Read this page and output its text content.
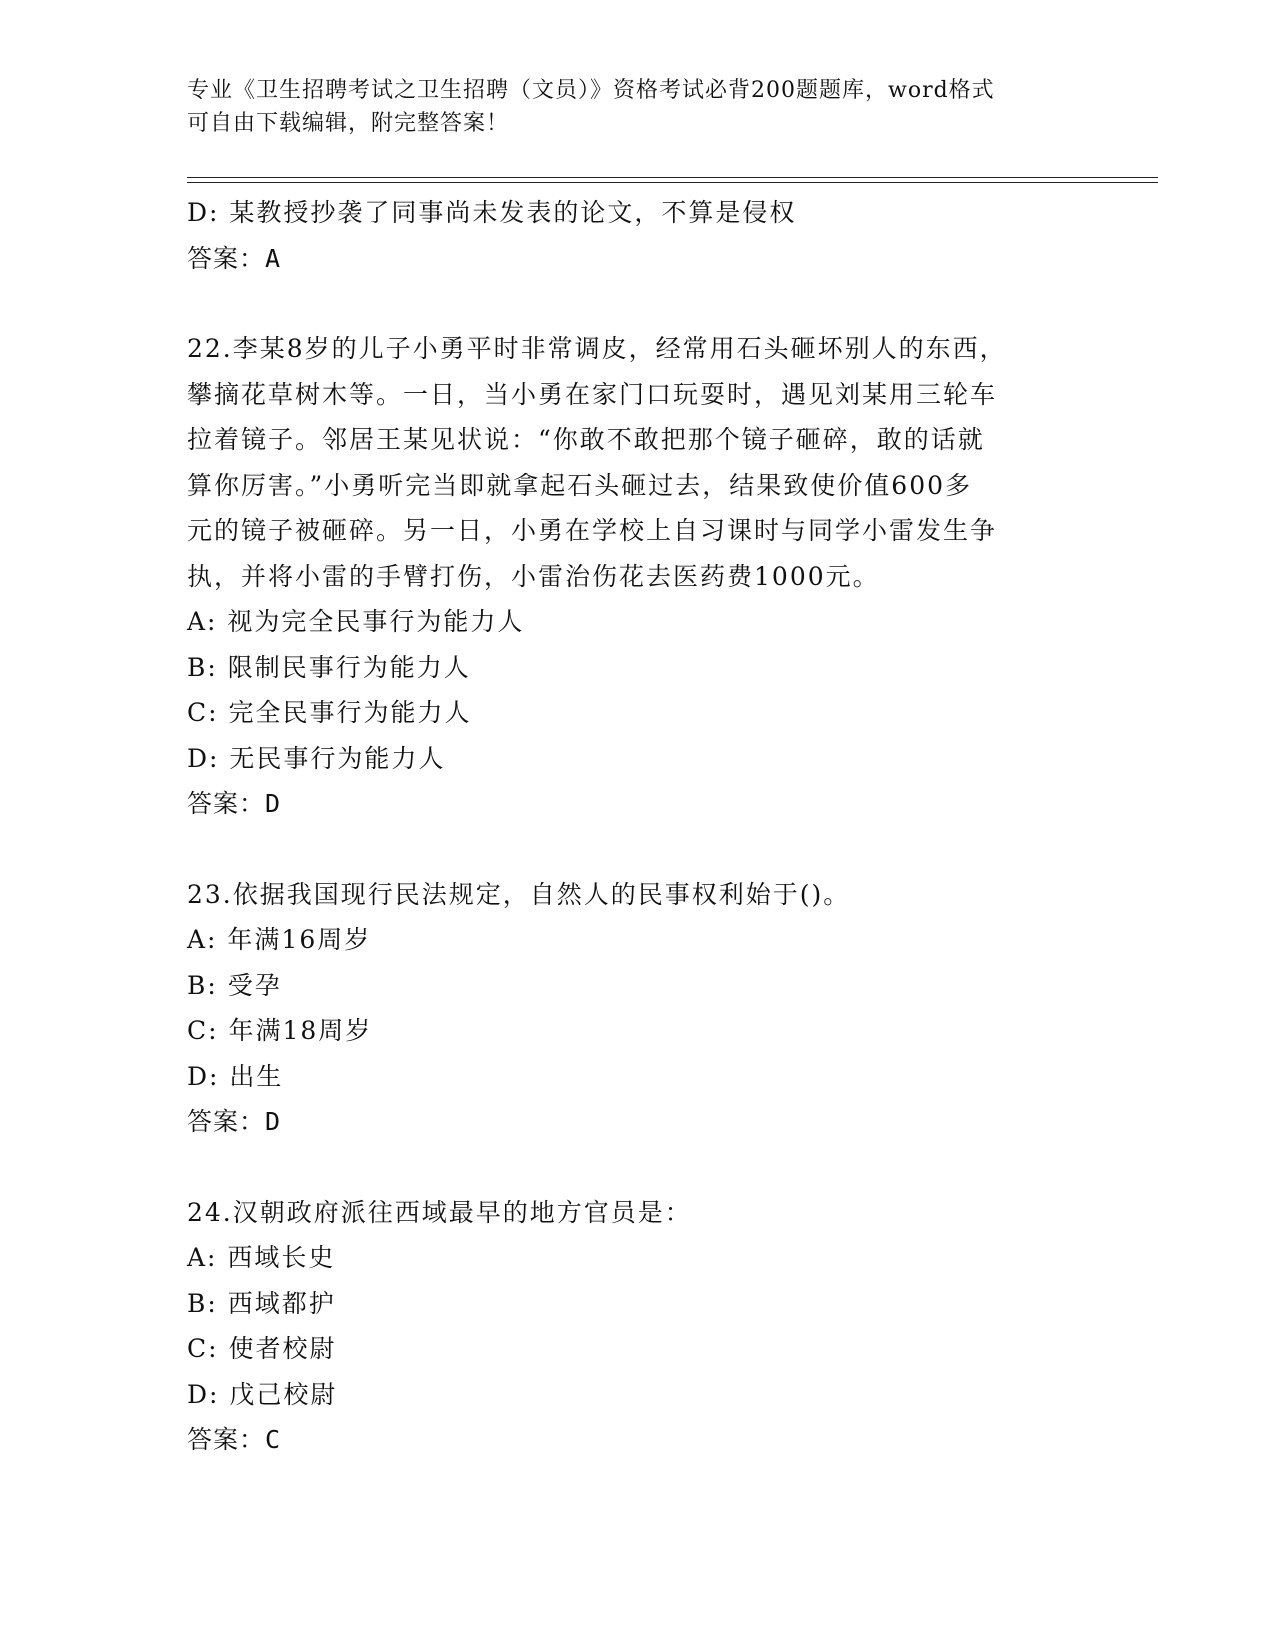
专业《卫生招聘考试之卫生招聘（文员）》资格考试必背200题题库，word格式
可自由下载编辑，附完整答案！
D: 某教授抄袭了同事尚未发表的论文，不算是侵权
答案：A
22.李某8岁的儿子小勇平时非常调皮，经常用石头砸坏别人的东西，
攀摘花草树木等。一日，当小勇在家门口玩耍时，遇见刘某用三轮车
拉着镜子。邻居王某见状说：“你敢不敢把那个镜子砸碎，敢的话就
算你厉害。”小勇听完当即就拿起石头砸过去，结果致使价值600多
元的镜子被砸碎。另一日，小勇在学校上自习课时与同学小雷发生争
执，并将小雷的手臂打伤，小雷治伤花去医药费1000元。
A: 视为完全民事行为能力人
B: 限制民事行为能力人
C: 完全民事行为能力人
D: 无民事行为能力人
答案：D
23.依据我国现行民法规定，自然人的民事权利始于()。
A: 年满16周岁
B: 受孕
C: 年满18周岁
D: 出生
答案：D
24.汉朝政府派往西域最早的地方官员是：
A: 西域长史
B: 西域都护
C: 使者校尉
D: 戊己校尉
答案：C
